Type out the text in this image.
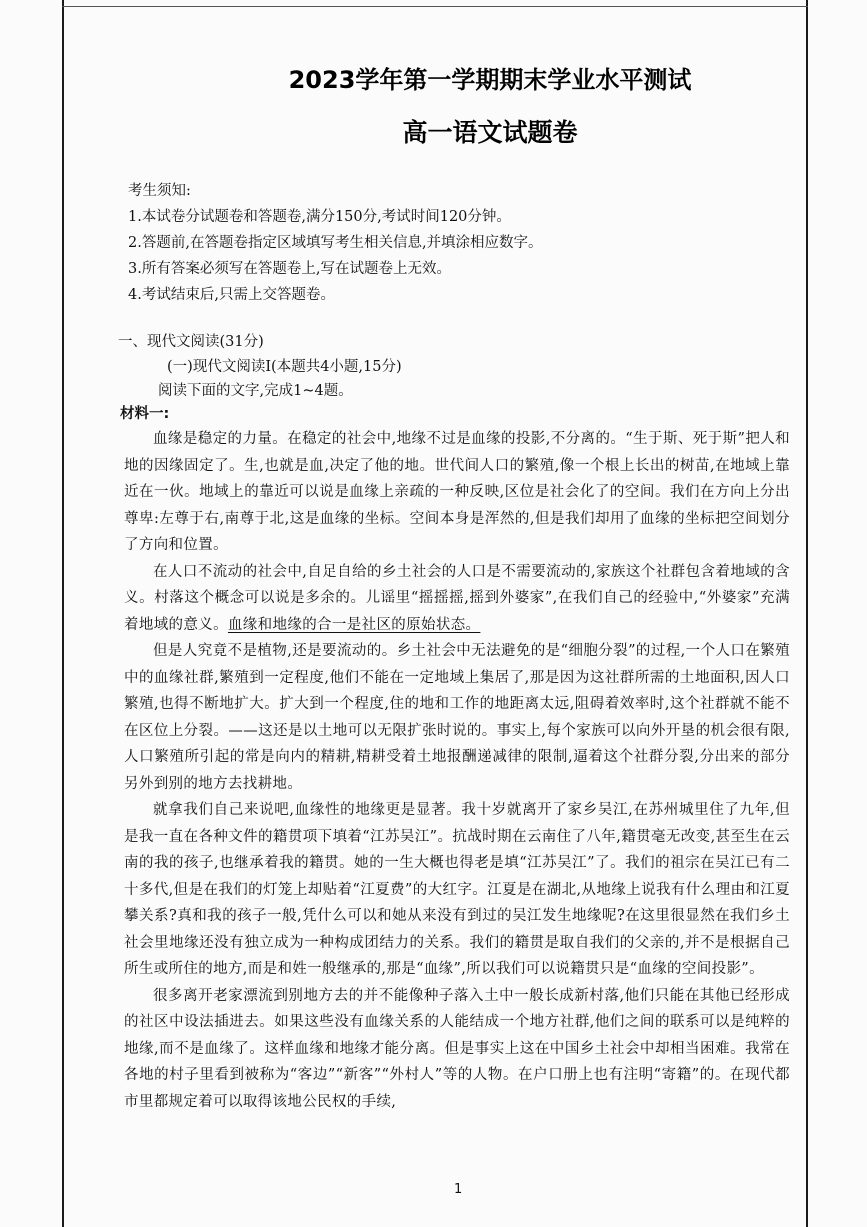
2023学年第一学期期末学业水平测试
高一语文试题卷
考生须知:
1.本试卷分试题卷和答题卷,满分150分,考试时间120分钟。
2.答题前,在答题卷指定区域填写考生相关信息,并填涂相应数字。
3.所有答案必须写在答题卷上,写在试题卷上无效。
4.考试结束后,只需上交答题卷。
一、现代文阅读(31分)
(一)现代文阅读Ⅰ(本题共4小题,15分)
阅读下面的文字,完成1~4题。
材料一:

血缘是稳定的力量。在稳定的社会中,地缘不过是血缘的投影,不分离的。“生于斯、死于斯”把人和地的因缘固定了。生,也就是血,决定了他的地。世代间人口的繁殖,像一个根上长出的树苗,在地域上靠近在一伙。地域上的靠近可以说是血缘上亲疏的一种反映,区位是社会化了的空间。我们在方向上分出尊卑:左尊于右,南尊于北,这是血缘的坐标。空间本身是浑然的,但是我们却用了血缘的坐标把空间划分了方向和位置。

在人口不流动的社会中,自足自给的乡土社会的人口是不需要流动的,家族这个社群包含着地域的含义。村落这个概念可以说是多余的。儿谣里“摇摇摇,摇到外婆家”,在我们自己的经验中,“外婆家”充满着地域的意义。血缘和地缘的合一是社区的原始状态。

但是人究竟不是植物,还是要流动的。乡土社会中无法避免的是“细胞分裂”的过程,一个人口在繁殖中的血缘社群,繁殖到一定程度,他们不能在一定地域上集居了,那是因为这社群所需的土地面积,因人口繁殖,也得不断地扩大。扩大到一个程度,住的地和工作的地距离太远,阻碍着效率时,这个社群就不能不在区位上分裂。——这还是以土地可以无限扩张时说的。事实上,每个家族可以向外开垦的机会很有限,人口繁殖所引起的常是向内的精耕,精耕受着土地报酬递减律的限制,逼着这个社群分裂,分出来的部分另外到别的地方去找耕地。

就拿我们自己来说吧,血缘性的地缘更是显著。我十岁就离开了家乡吴江,在苏州城里住了九年,但是我一直在各种文件的籍贯项下填着“江苏吴江”。抗战时期在云南住了八年,籍贯毫无改变,甚至生在云南的我的孩子,也继承着我的籍贯。她的一生大概也得老是填“江苏吴江”了。我们的祖宗在吴江已有二十多代,但是在我们的灯笼上却贴着“江夏费”的大红字。江夏是在湖北,从地缘上说我有什么理由和江夏攀关系?真和我的孩子一般,凭什么可以和她从来没有到过的吴江发生地缘呢?在这里很显然在我们乡土社会里地缘还没有独立成为一种构成团结力的关系。我们的籍贯是取自我们的父亲的,并不是根据自己所生或所住的地方,而是和姓一般继承的,那是“血缘”,所以我们可以说籍贯只是“血缘的空间投影”。

很多离开老家漂流到别地方去的并不能像种子落入土中一般长成新村落,他们只能在其他已经形成的社区中设法插进去。如果这些没有血缘关系的人能结成一个地方社群,他们之间的联系可以是纯粹的地缘,而不是血缘了。这样血缘和地缘才能分离。但是事实上这在中国乡土社会中却相当困难。我常在各地的村子里看到被称为“客边”“新客”“外村人”等的人物。在户口册上也有注明“寄籍”的。在现代都市里都规定着可以取得该地公民权的手续,

1
